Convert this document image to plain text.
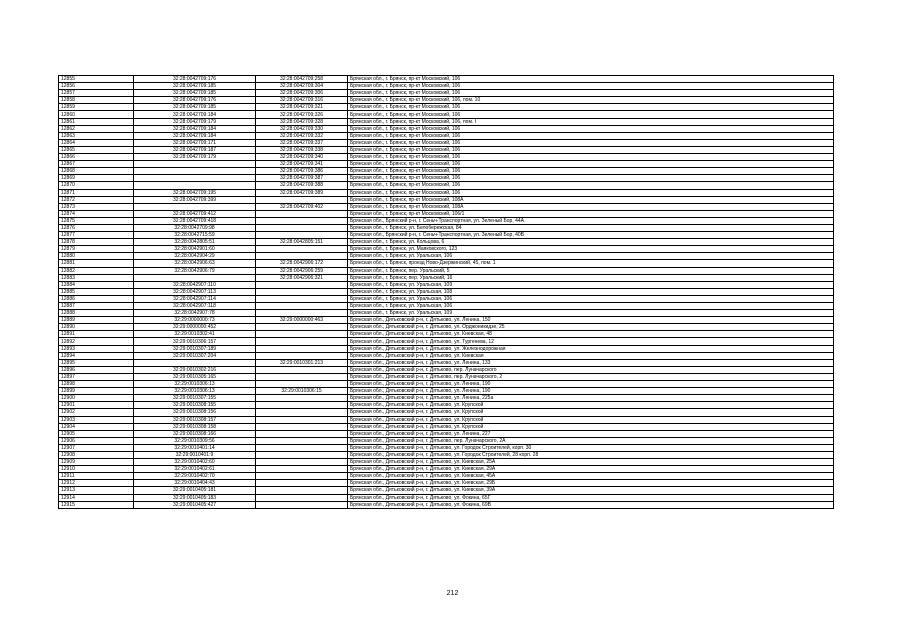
12855	32:28:0042709:176	32:28:0042709:258	Брянская обл., г. Брянск, пр-кт Московский, 106
12856	32:28:0042709:185	32:28:0042709:304	Брянская обл., г. Брянск, пр-кт Московский, 106
12857	32:28:0042709:185	32:28:0042709:306	Брянская обл., г. Брянск, пр-кт Московский, 106
12858	32:28:0042709:176	32:28:0042709:316	Брянская обл., г. Брянск, пр-кт Московский, 106, пом. 10
12859	32:28:0042709:185	32:28:0042709:321	Брянская обл., г. Брянск, пр-кт Московский, 106
12860	32:28:0042709:184	32:28:0042709:326	Брянская обл., г. Брянск, пр-кт Московский, 106
12861	32:28:0042709:179	32:28:0042709:328	Брянская обл., г. Брянск, пр-кт Московский, 106, пом. I
12862	32:28:0042709:184	32:28:0042709:330	Брянская обл., г. Брянск, пр-кт Московский, 106
12863	32:28:0042709:184	32:28:0042709:332	Брянская обл., г. Брянск, пр-кт Московский, 106
12864	32:28:0042709:171	32:28:0042709:337	Брянская обл., г. Брянск, пр-кт Московский, 106
12865	32:28:0042709:187	32:28:0042709:338	Брянская обл., г. Брянск, пр-кт Московский, 106
12866	32:28:0042709:179	32:28:0042709:340	Брянская обл., г. Брянск, пр-кт Московский, 106
12867		32:28:0042709:341	Брянская обл., г. Брянск, пр-кт Московский, 106
12868		32:28:0042709:386	Брянская обл., г. Брянск, пр-кт Московский, 106
12869		32:28:0042709:387	Брянская обл., г. Брянск, пр-кт Московский, 106
12870		32:28:0042709:388	Брянская обл., г. Брянск, пр-кт Московский, 106
12871	32:28:0042709:195	32:28:0042709:389	Брянская обл., г. Брянск, пр-кт Московский, 106
12872	32:28:0042709:399		Брянская обл., г. Брянск, пр-кт Московский, 108А
12873		32:28:0042709:402	Брянская обл., г. Брянск, пр-кт Московский, 108А
12874	32:28:0042709:412		Брянская обл., г. Брянск, пр-кт Московский, 106/1
12875	32:28:0042709:418		Брянская обл., Брянский р-н, г. Сеньч-Транспортная, ул. Зеленый Бор, 44А
12876	32:28:0042709:98		Брянская обл., г. Брянск, ул. Белобережская, 84
12877	32:28:0042715:59		Брянская обл., Брянский р-н, г. Сеньч-Транспортная, ул. Зеленый Бор, 40В
12878	32:28:0042805:51	32:28:0042805:151	Брянская обл., г. Брянск, ул. Кольцова, 6
12879	32:28:0042901:60		Брянская обл., г. Брянск, ул. Маяковского, 123
12880	32:28:0042904:29		Брянская обл., г. Брянск, ул. Уральская, 106
12881	32:28:0042906:63	32:28:0042906:172	Брянская обл., г. Брянск, проезд Ново-Дзержинский, 45, пом. 1
12882	32:28:0042906:79	32:28:0042906:259	Брянская обл., г. Брянск, пер. Уральский, 5
12883		32:28:0042906:321	Брянская обл., г. Брянск, пер. Уральский, 16
12884	32:28:0042907:110		Брянская обл., г. Брянск, ул. Уральская, 109
12885	32:28:0042907:113		Брянская обл., г. Брянск, ул. Уральская, 108
12886	32:28:0042907:114		Брянская обл., г. Брянск, ул. Уральская, 106
12887	32:28:0042907:118		Брянская обл., г. Брянск, ул. Уральская, 106
12888	32:28:0042907:78		Брянская обл., г. Брянск, ул. Уральская, 109
12889	32:29:0000000:73	32:29:0000000:463	Брянская обл., Дятьковский р-н, г. Дятьково, ул. Ленина, 150
12890	32:29:0000000:452		Брянская обл., Дятьковский р-н, г. Дятьково, ул. Орджоникидзе, 25
12891	32:29:0010302:41		Брянская обл., Дятьковский р-н, г. Дятьково, ул. Киевская, 48
12892	32:29:0010306:157		Брянская обл., Дятьковский р-н, г. Дятьково, ул. Тургенева, 12
12893	32:29:0010307:189		Брянская обл., Дятьковский р-н, г. Дятьково, ул. Железнодорожная
12894	32:29:0010307:204		Брянская обл., Дятьковский р-н, г. Дятьково, ул. Киевская
12895		32:29:0010301:213	Брянская обл., Дятьковский р-н, г. Дятьково, ул. Ленина, 133
12896	32:29:0010302:216		Брянская обл., Дятьковский р-н, г. Дятьково, пер. Луначарского
12897	32:29:0010305:165		Брянская обл., Дятьковский р-н, г. Дятьково, пер. Луначарского, 2
12898	32:29:0010306:13		Брянская обл., Дятьковский р-н, г. Дятьково, ул. Ленина, 190
12899	32:29:0010306:13	32:29:0010306:15	Брянская обл., Дятьковский р-н, г. Дятьково, ул. Ленина, 190
12900	32:29:0010307:155		Брянская обл., Дятьковский р-н, г. Дятьково, ул. Ленина, 225а
12901	32:29:0010308:155		Брянская обл., Дятьковский р-н, г. Дятьково, ул. Крупской
12902	32:29:0010308:156		Брянская обл., Дятьковский р-н, г. Дятьково, ул. Крупской
12903	32:29:0010308:157		Брянская обл., Дятьковский р-н, г. Дятьково, ул. Крупской
12904	32:29:0010308:158		Брянская обл., Дятьковский р-н, г. Дятьково, ул. Крупской
12905	32:29:0010308:166		Брянская обл., Дятьковский р-н, г. Дятьково, ул. Ленина, 227
12906	32:29:0010309:56		Брянская обл., Дятьковский р-н, г. Дятьково, пер. Луначарского, 2А
12907	32:29:0010401:14		Брянская обл., Дятьковский р-н, г. Дятьково, ул. Городок Строителей, корп. 30
12908	32:29:0010401:9		Брянская обл., Дятьковский р-н, г. Дятьково, ул. Городок Строителей, 28 корп. 28
12909	32:29:0010402:60		Брянская обл., Дятьковский р-н, г. Дятьково, ул. Киевская, 25А
12910	32:29:0010402:61		Брянская обл., Дятьковский р-н, г. Дятьково, ул. Киевская, 29А
12911	32:29:0010402:70		Брянская обл., Дятьковский р-н, г. Дятьково, ул. Киевская, 45А
12912	32:29:0010404:43		Брянская обл., Дятьковский р-н, г. Дятьково, ул. Киевская, 29Б
12913	32:29:0010405:181		Брянская обл., Дятьковский р-н, г. Дятьково, ул. Киевская, 39А
12914	32:29:0010405:183		Брянская обл., Дятьковский р-н, г. Дятьково, ул. Фокина, 65Г
12915	32:29:0010405:427		Брянская обл., Дятьковский р-н, г. Дятьково, ул. Фокина, 69В
212
